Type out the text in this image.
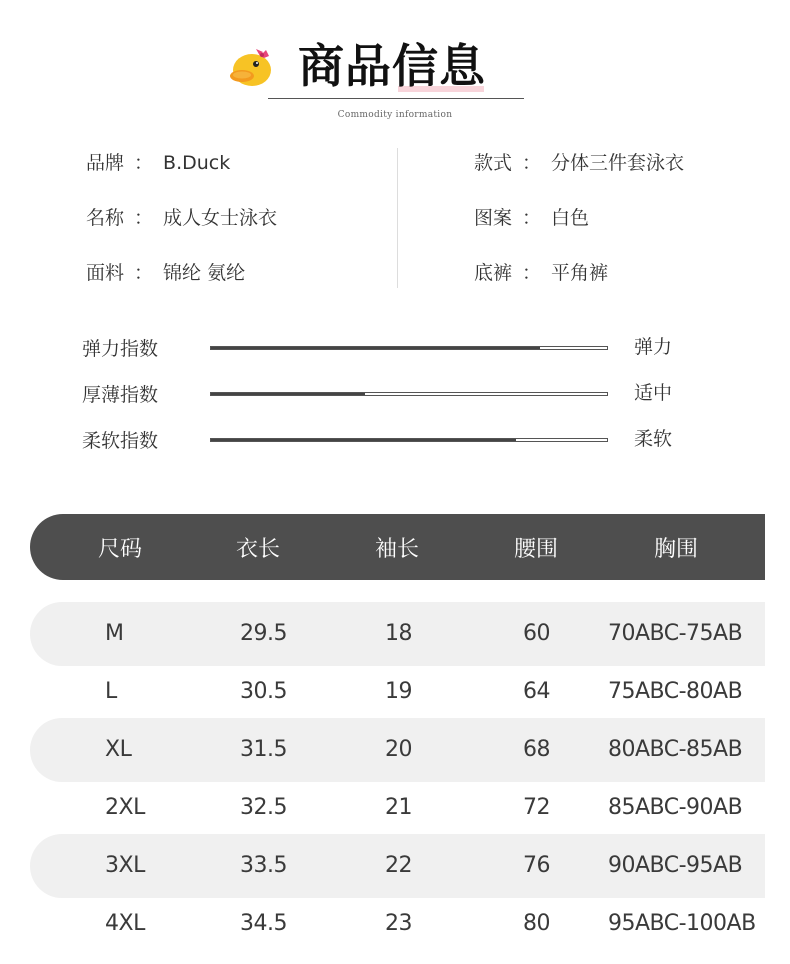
商品信息
Commodity information
品牌 ： B.Duck
名称 ： 成人女士泳衣
面料 ： 锦纶 氨纶
款式 ： 分体三件套泳衣
图案 ： 白色
底裤 ： 平角裤
弹力指数	弹力
厚薄指数	适中
柔软指数	柔软
尺码	衣长	袖长	腰围	胸围
M	29.5	18	60	70ABC-75AB
L	30.5	19	64	75ABC-80AB
XL	31.5	20	68	80ABC-85AB
2XL	32.5	21	72	85ABC-90AB
3XL	33.5	22	76	90ABC-95AB
4XL	34.5	23	80	95ABC-100AB
